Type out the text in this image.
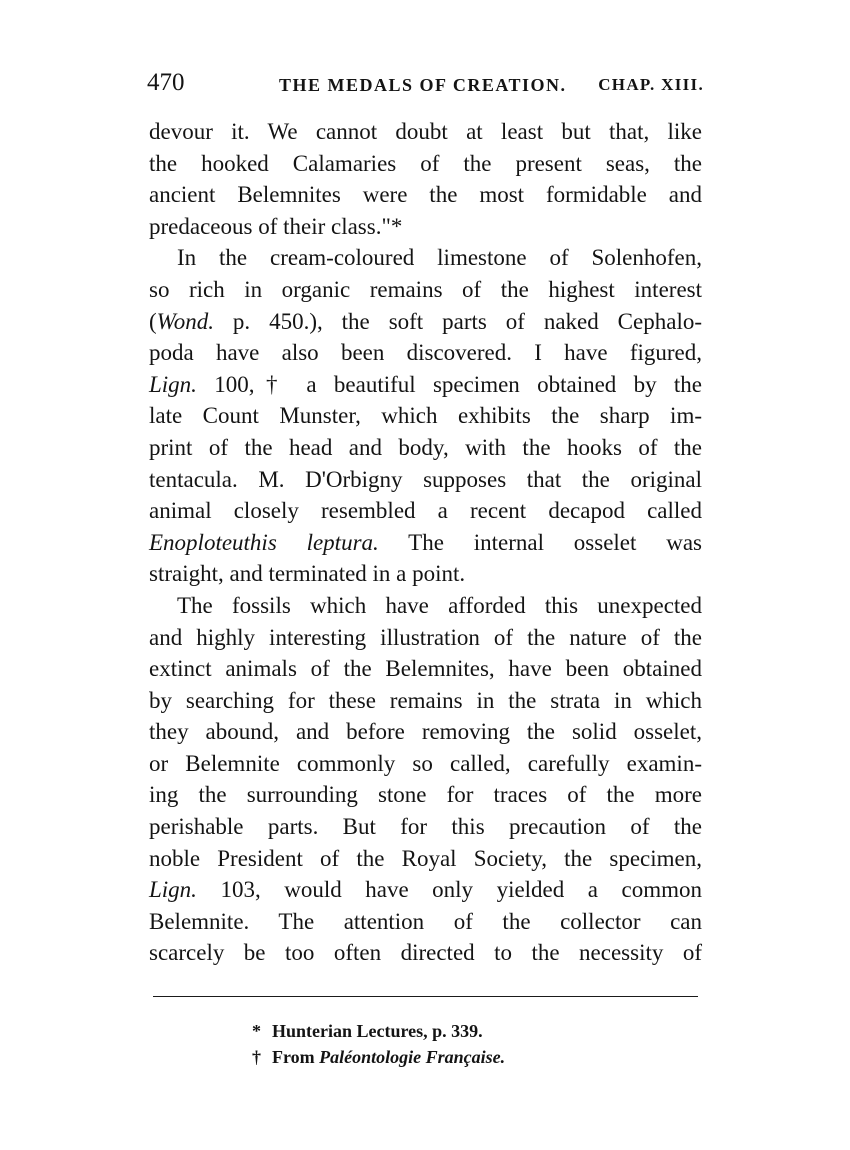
470	THE MEDALS OF CREATION. CHAP. XIII.
devour it. We cannot doubt at least but that, like
the hooked Calamaries of the present seas, the
ancient Belemnites were the most formidable and
predaceous of their class."*
In the cream-coloured limestone of Solenhofen,
so rich in organic remains of the highest interest
(Wond. p. 450.), the soft parts of naked Cephalo-
poda have also been discovered. I have figured,
Lign. 100,† a beautiful specimen obtained by the
late Count Munster, which exhibits the sharp im-
print of the head and body, with the hooks of the
tentacula. M. D'Orbigny supposes that the original
animal closely resembled a recent decapod called
Enoploteuthis leptura. The internal osselet was
straight, and terminated in a point.
The fossils which have afforded this unexpected
and highly interesting illustration of the nature of the
extinct animals of the Belemnites, have been obtained
by searching for these remains in the strata in which
they abound, and before removing the solid osselet,
or Belemnite commonly so called, carefully examin-
ing the surrounding stone for traces of the more
perishable parts. But for this precaution of the
noble President of the Royal Society, the specimen,
Lign. 103, would have only yielded a common
Belemnite. The attention of the collector can
scarcely be too often directed to the necessity of
* Hunterian Lectures, p. 339.
† From Paléontologie Française.
